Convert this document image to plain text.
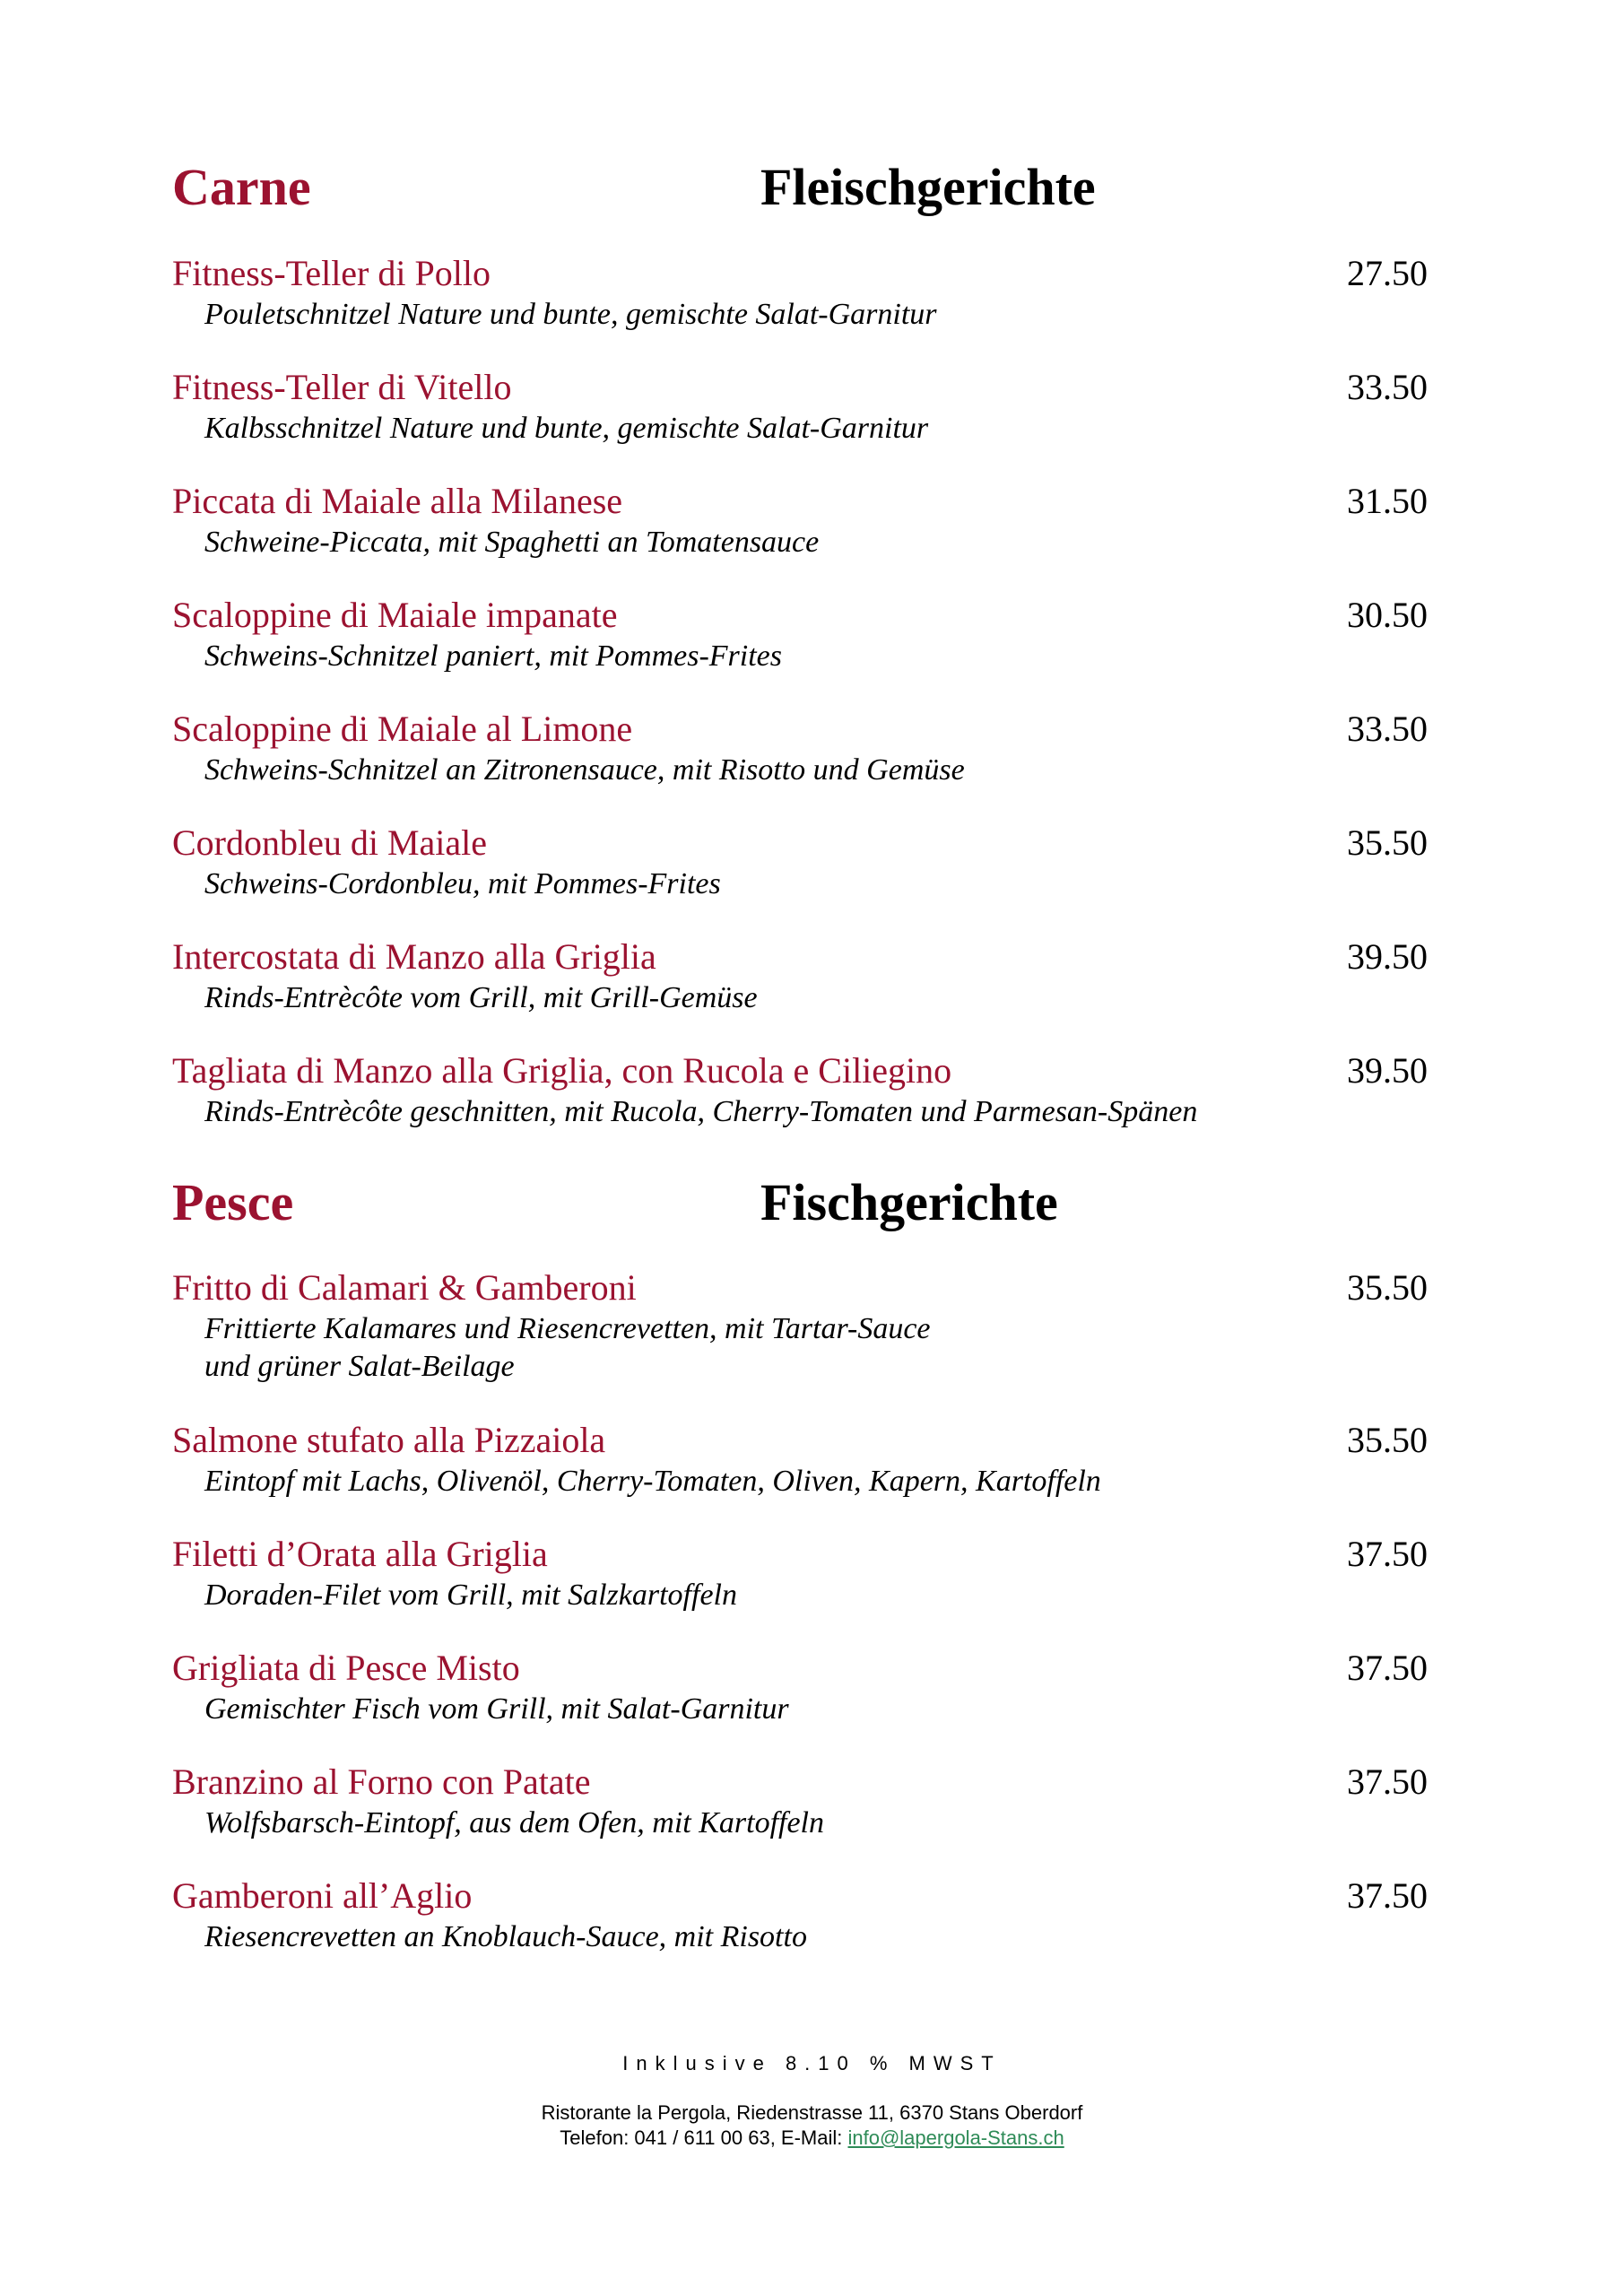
Carne	Fleischgerichte
Fitness-Teller di Pollo	27.50
Pouletschnitzel Nature und bunte, gemischte Salat-Garnitur
Fitness-Teller di Vitello	33.50
Kalbsschnitzel Nature und bunte, gemischte Salat-Garnitur
Piccata di Maiale alla Milanese	31.50
Schweine-Piccata, mit Spaghetti an Tomatensauce
Scaloppine di Maiale impanate	30.50
Schweins-Schnitzel paniert, mit Pommes-Frites
Scaloppine di Maiale al Limone	33.50
Schweins-Schnitzel an Zitronensauce, mit Risotto und Gemüse
Cordonbleu di Maiale	35.50
Schweins-Cordonbleu, mit Pommes-Frites
Intercostata di Manzo alla Griglia	39.50
Rinds-Entrècôte vom Grill, mit Grill-Gemüse
Tagliata di Manzo alla Griglia, con Rucola e Ciliegino	39.50
Rinds-Entrècôte geschnitten, mit Rucola, Cherry-Tomaten und Parmesan-Spänen
Pesce	Fischgerichte
Fritto di Calamari & Gamberoni	35.50
Frittierte Kalamares und Riesencrevetten, mit Tartar-Sauce
und grüner Salat-Beilage
Salmone stufato alla Pizzaiola	35.50
Eintopf mit Lachs, Olivenöl, Cherry-Tomaten, Oliven, Kapern, Kartoffeln
Filetti d’Orata alla Griglia	37.50
Doraden-Filet vom Grill, mit Salzkartoffeln
Grigliata di Pesce Misto	37.50
Gemischter Fisch vom Grill, mit Salat-Garnitur
Branzino al Forno con Patate	37.50
Wolfsbarsch-Eintopf, aus dem Ofen, mit Kartoffeln
Gamberoni all’Aglio	37.50
Riesencrevetten an Knoblauch-Sauce, mit Risotto
Inklusive 8.10 % MWST
Ristorante la Pergola, Riedenstrasse 11, 6370 Stans Oberdorf
Telefon: 041 / 611 00 63, E-Mail: info@lapergola-Stans.ch
